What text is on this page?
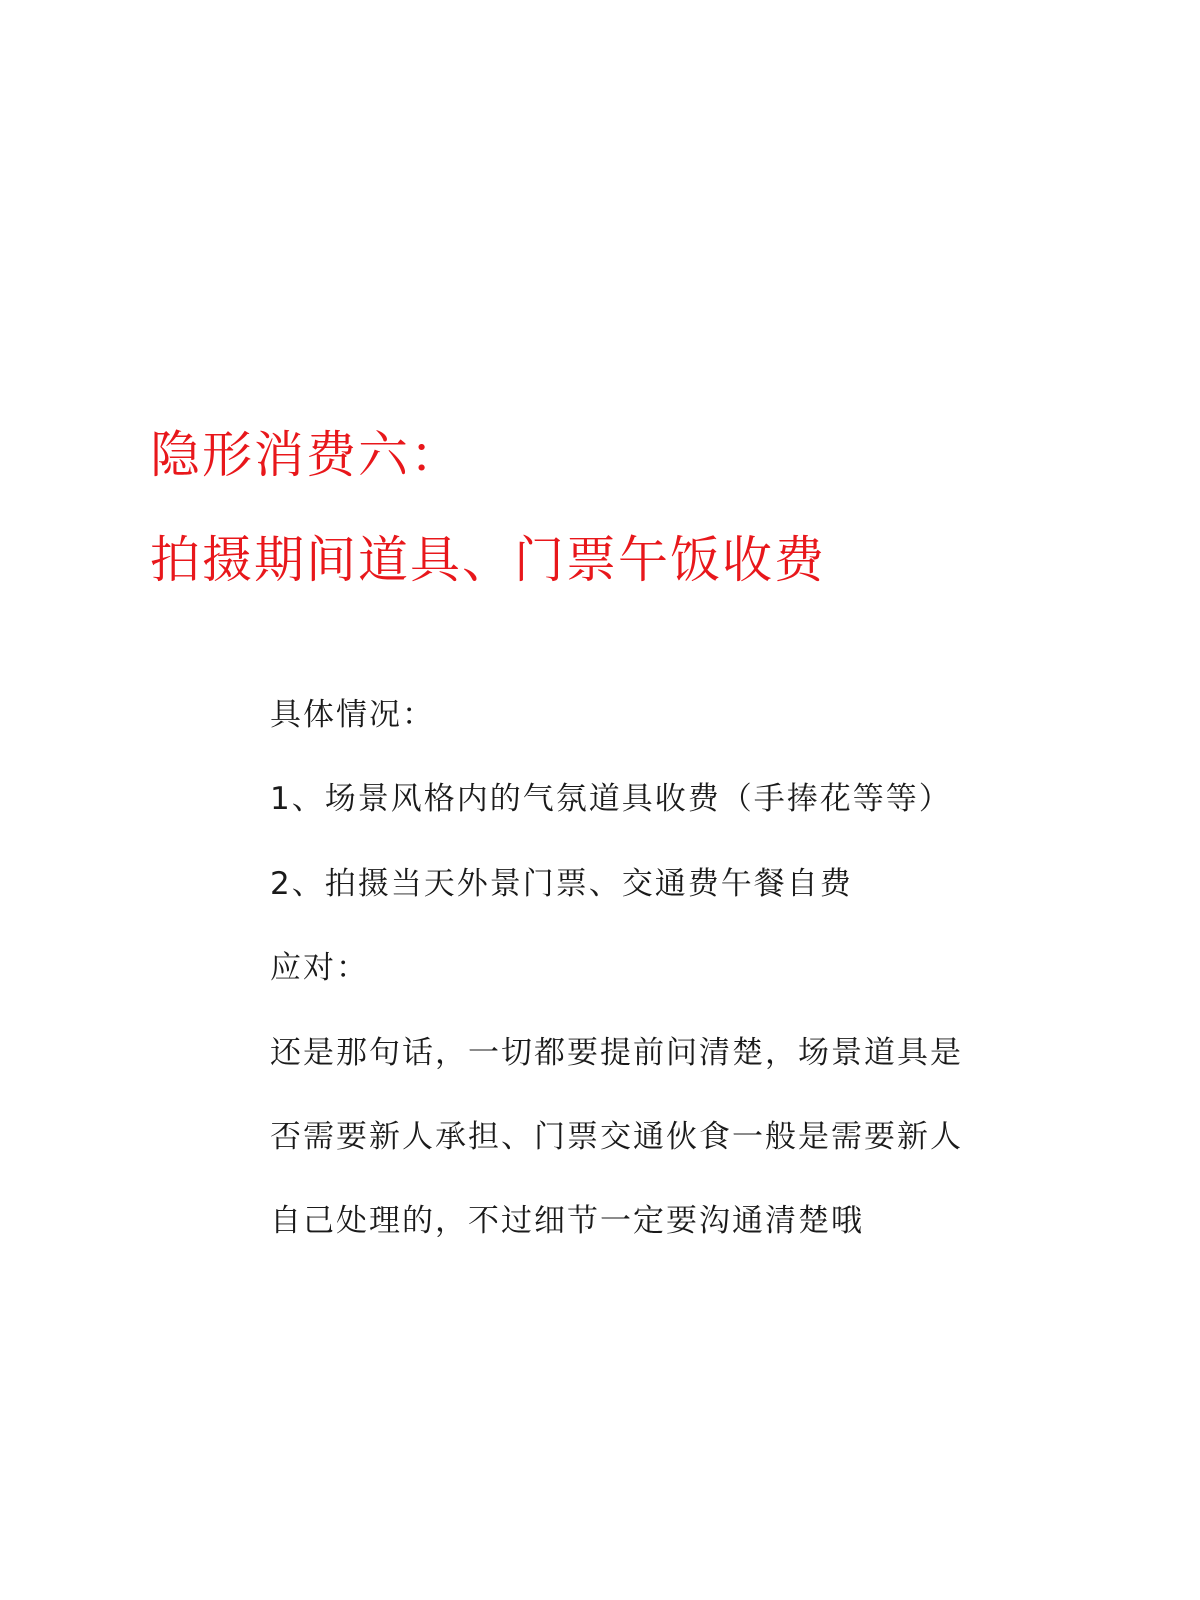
隐形消费六：
拍摄期间道具、门票午饭收费

具体情况：

1、场景风格内的气氛道具收费（手捧花等等）

2、拍摄当天外景门票、交通费午餐自费

应对：

还是那句话，一切都要提前问清楚，场景道具是

否需要新人承担、门票交通伙食一般是需要新人

自己处理的，不过细节一定要沟通清楚哦
